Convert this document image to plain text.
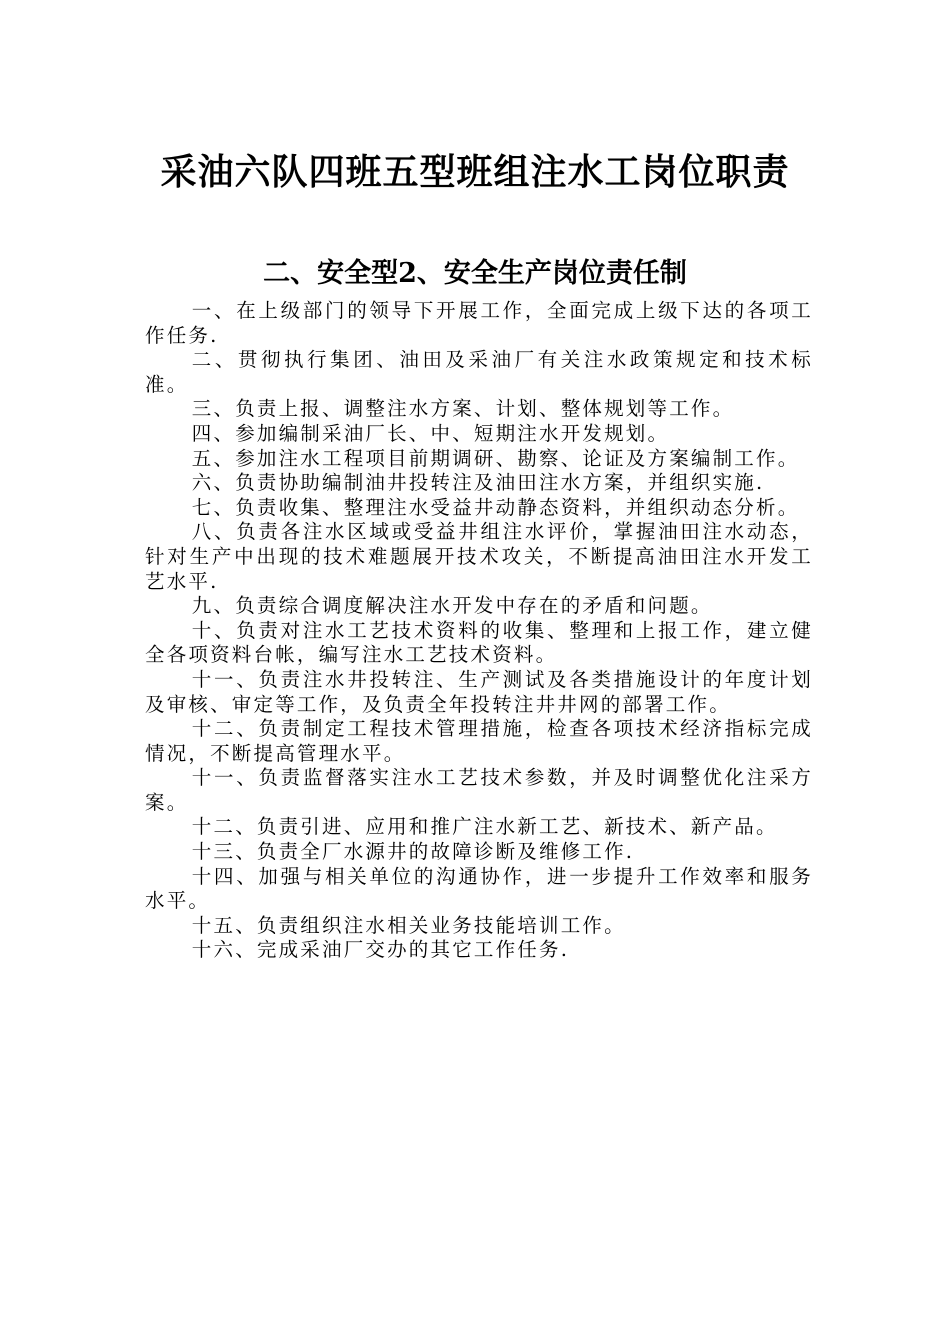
采油六队四班五型班组注水工岗位职责
二、安全型2、安全生产岗位责任制

一、在上级部门的领导下开展工作，全面完成上级下达的各项工作任务.

二、贯彻执行集团、油田及采油厂有关注水政策规定和技术标准。

三、负责上报、调整注水方案、计划、整体规划等工作。

四、参加编制采油厂长、中、短期注水开发规划。

五、参加注水工程项目前期调研、勘察、论证及方案编制工作。

六、负责协助编制油井投转注及油田注水方案，并组织实施.

七、负责收集、整理注水受益井动静态资料，并组织动态分析。

八、负责各注水区域或受益井组注水评价，掌握油田注水动态，针对生产中出现的技术难题展开技术攻关，不断提高油田注水开发工艺水平.

九、负责综合调度解决注水开发中存在的矛盾和问题。

十、负责对注水工艺技术资料的收集、整理和上报工作，建立健全各项资料台帐，编写注水工艺技术资料。

十一、负责注水井投转注、生产测试及各类措施设计的年度计划及审核、审定等工作，及负责全年投转注井井网的部署工作。

十二、负责制定工程技术管理措施，检查各项技术经济指标完成情况，不断提高管理水平。

十一、负责监督落实注水工艺技术参数，并及时调整优化注采方案。

十二、负责引进、应用和推广注水新工艺、新技术、新产品。

十三、负责全厂水源井的故障诊断及维修工作.

十四、加强与相关单位的沟通协作，进一步提升工作效率和服务水平。

十五、负责组织注水相关业务技能培训工作。

十六、完成采油厂交办的其它工作任务.
